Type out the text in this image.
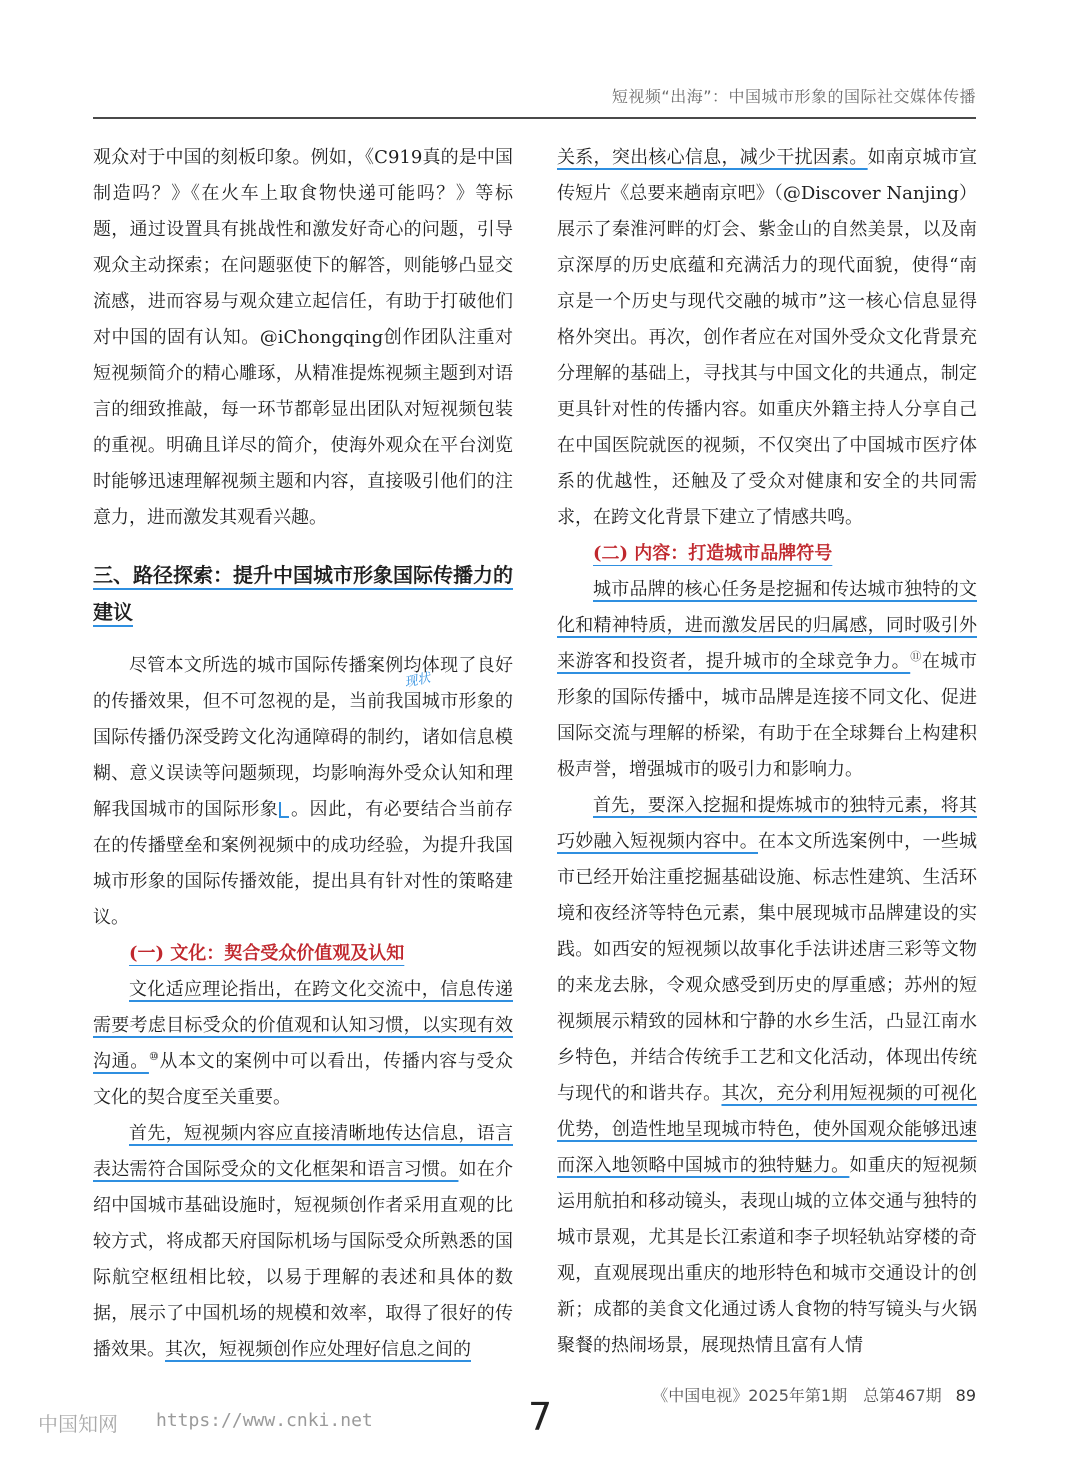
短视频“出海”：中国城市形象的国际社交媒体传播

观众对于中国的刻板印象。例如，《C919真的是中国制造吗？》《在火车上取食物快递可能吗？》等标题，通过设置具有挑战性和激发好奇心的问题，引导观众主动探索；在问题驱使下的解答，则能够凸显交流感，进而容易与观众建立起信任，有助于打破他们对中国的固有认知。@iChongqing创作团队注重对短视频简介的精心雕琢，从精准提炼视频主题到对语言的细致推敲，每一环节都彰显出团队对短视频包装的重视。明确且详尽的简介，使海外观众在平台浏览时能够迅速理解视频主题和内容，直接吸引他们的注意力，进而激发其观看兴趣。

三、路径探索：提升中国城市形象国际传播力的建议

尽管本文所选的城市国际传播案例均体现了良好的传播效果，但不可忽视的是，
现状
当前我国城市形象的国际传播仍深受跨文化沟通障碍的制约，诸如信息模糊、意义误读等问题频现，均影响海外受众认知和理解我国城市的国际形象 。因此，有必要结合当前存在的传播壁垒和案例视频中的成功经验，为提升我国城市形象的国际传播效能，提出具有针对性的策略建议。

(一) 文化：契合受众价值观及认知

文化适应理论指出，在跨文化交流中，信息传递需要考虑目标受众的价值观和认知习惯，以实现有效沟通。⑩从本文的案例中可以看出，传播内容与受众文化的契合度至关重要。

首先，短视频内容应直接清晰地传达信息，语言表达需符合国际受众的文化框架和语言习惯。如在介绍中国城市基础设施时，短视频创作者采用直观的比较方式，将成都天府国际机场与国际受众所熟悉的国际航空枢纽相比较，以易于理解的表述和具体的数据，展示了中国机场的规模和效率，取得了很好的传播效果。其次，短视频创作应处理好信息之间的

关系，突出核心信息，减少干扰因素。如南京城市宣传短片《总要来趟南京吧》（@Discover Nanjing）展示了秦淮河畔的灯会、紫金山的自然美景，以及南京深厚的历史底蕴和充满活力的现代面貌，使得“南京是一个历史与现代交融的城市”这一核心信息显得格外突出。再次，创作者应在对国外受众文化背景充分理解的基础上，寻找其与中国文化的共通点，制定更具针对性的传播内容。如重庆外籍主持人分享自己在中国医院就医的视频，不仅突出了中国城市医疗体系的优越性，还触及了受众对健康和安全的共同需求，在跨文化背景下建立了情感共鸣。

(二) 内容：打造城市品牌符号

城市品牌的核心任务是挖掘和传达城市独特的文化和精神特质，进而激发居民的归属感，同时吸引外来游客和投资者，提升城市的全球竞争力。⑪在城市形象的国际传播中，城市品牌是连接不同文化、促进国际交流与理解的桥梁，有助于在全球舞台上构建积极声誉，增强城市的吸引力和影响力。

首先，要深入挖掘和提炼城市的独特元素，将其巧妙融入短视频内容中。在本文所选案例中，一些城市已经开始注重挖掘基础设施、标志性建筑、生活环境和夜经济等特色元素，集中展现城市品牌建设的实践。如西安的短视频以故事化手法讲述唐三彩等文物的来龙去脉，令观众感受到历史的厚重感；苏州的短视频展示精致的园林和宁静的水乡生活，凸显江南水乡特色，并结合传统手工艺和文化活动，体现出传统与现代的和谐共存。其次，充分利用短视频的可视化优势，创造性地呈现城市特色，使外国观众能够迅速而深入地领略中国城市的独特魅力。如重庆的短视频运用航拍和移动镜头，表现山城的立体交通与独特的城市景观，尤其是长江索道和李子坝轻轨站穿楼的奇观，直观展现出重庆的地形特色和城市交通设计的创新；成都的美食文化通过诱人食物的特写镜头与火锅聚餐的热闹场景，展现热情且富有人情

《中国电视》2025年第1期　总第467期 89
中国知网 https://www.cnki.net	7
